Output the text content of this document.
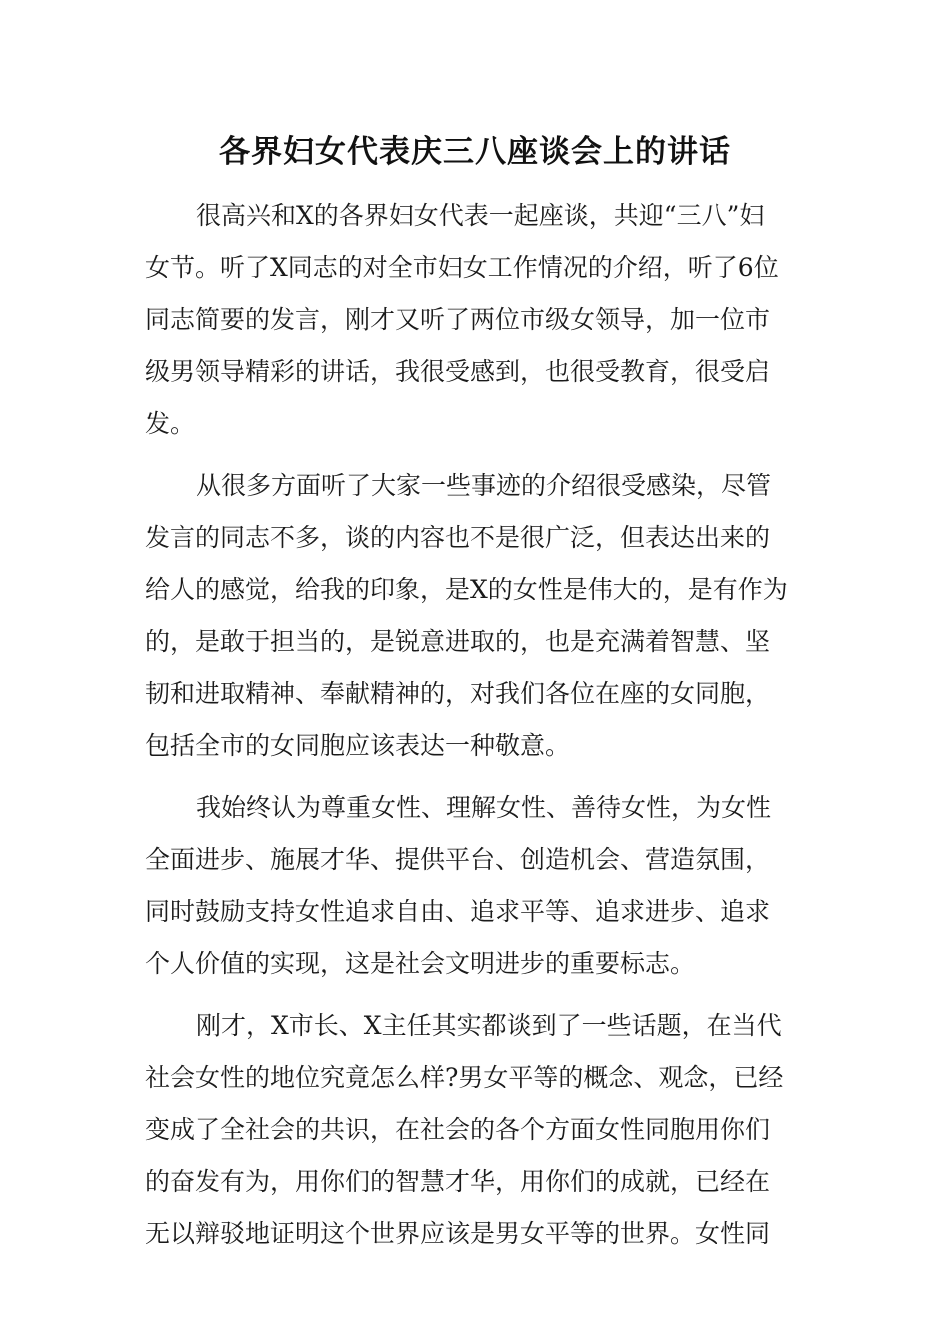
各界妇女代表庆三八座谈会上的讲话
很高兴和X的各界妇女代表一起座谈，共迎“三八”妇
女节。听了X同志的对全市妇女工作情况的介绍，听了6位
同志简要的发言，刚才又听了两位市级女领导，加一位市
级男领导精彩的讲话，我很受感到，也很受教育，很受启
发。
从很多方面听了大家一些事迹的介绍很受感染，尽管
发言的同志不多，谈的内容也不是很广泛，但表达出来的
给人的感觉，给我的印象，是X的女性是伟大的，是有作为
的，是敢于担当的，是锐意进取的，也是充满着智慧、坚
韧和进取精神、奉献精神的，对我们各位在座的女同胞，
包括全市的女同胞应该表达一种敬意。
我始终认为尊重女性、理解女性、善待女性，为女性
全面进步、施展才华、提供平台、创造机会、营造氛围，
同时鼓励支持女性追求自由、追求平等、追求进步、追求
个人价值的实现，这是社会文明进步的重要标志。
刚才，X市长、X主任其实都谈到了一些话题，在当代
社会女性的地位究竟怎么样?男女平等的概念、观念，已经
变成了全社会的共识，在社会的各个方面女性同胞用你们
的奋发有为，用你们的智慧才华，用你们的成就，已经在
无以辩驳地证明这个世界应该是男女平等的世界。女性同
